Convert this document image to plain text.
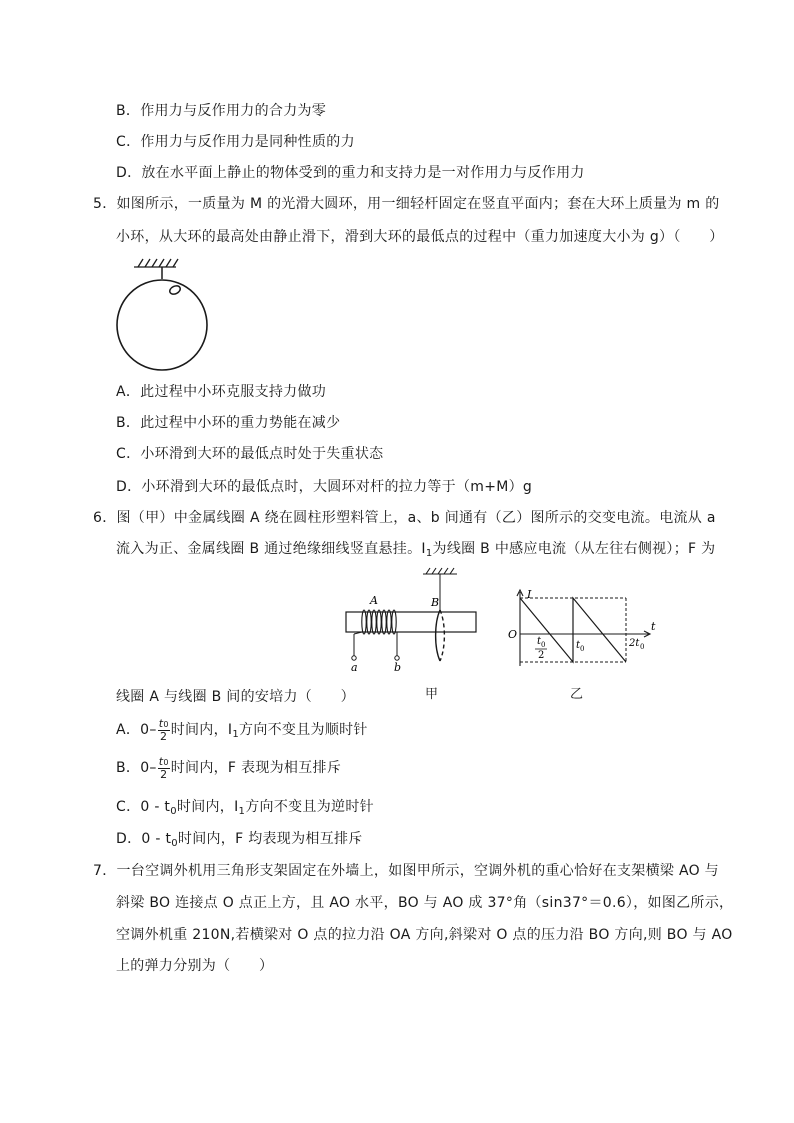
B．作用力与反作用力的合力为零
C．作用力与反作用力是同种性质的力
D．放在水平面上静止的物体受到的重力和支持力是一对作用力与反作用力
5．如图所示，一质量为 M 的光滑大圆环，用一细轻杆固定在竖直平面内；套在大环上质量为 m 的
小环，从大环的最高处由静止滑下，滑到大环的最低点的过程中（重力加速度大小为 g）（　　）
A．此过程中小环克服支持力做功
B．此过程中小环的重力势能在减少
C．小环滑到大环的最低点时处于失重状态
D．小环滑到大环的最低点时，大圆环对杆的拉力等于（m+M）g
6．图（甲）中金属线圈 A 绕在圆柱形塑料管上，a、b 间通有（乙）图所示的交变电流。电流从 a
流入为正、金属线圈 B 通过绝缘细线竖直悬挂。$I_1$为线圈 B 中感应电流（从左往右侧视）；F 为
A	B
a	b
I
t
O
t 0
2
t 0	2t 0
甲	乙
线圈 A 与线圈 B 间的安培力（　　）
A．$0- \frac{t0}{2}$ 时间内，$I_1$方向不变且为顺时针
B．$0- \frac{t0}{2}$ 时间内，F 表现为相互排斥
C．$0 - t_0$时间内，$I_1$方向不变且为逆时针
D．$0 - t_0$时间内，F 均表现为相互排斥
7．一台空调外机用三角形支架固定在外墙上，如图甲所示，空调外机的重心恰好在支架横梁 AO 与
斜梁 BO 连接点 O 点正上方，且 AO 水平，BO 与 AO 成 37°角（sin37°＝0.6），如图乙所示，
空调外机重 210N,若横梁对 O 点的拉力沿 OA 方向,斜梁对 O 点的压力沿 BO 方向,则 BO 与 AO
上的弹力分别为（　　）
